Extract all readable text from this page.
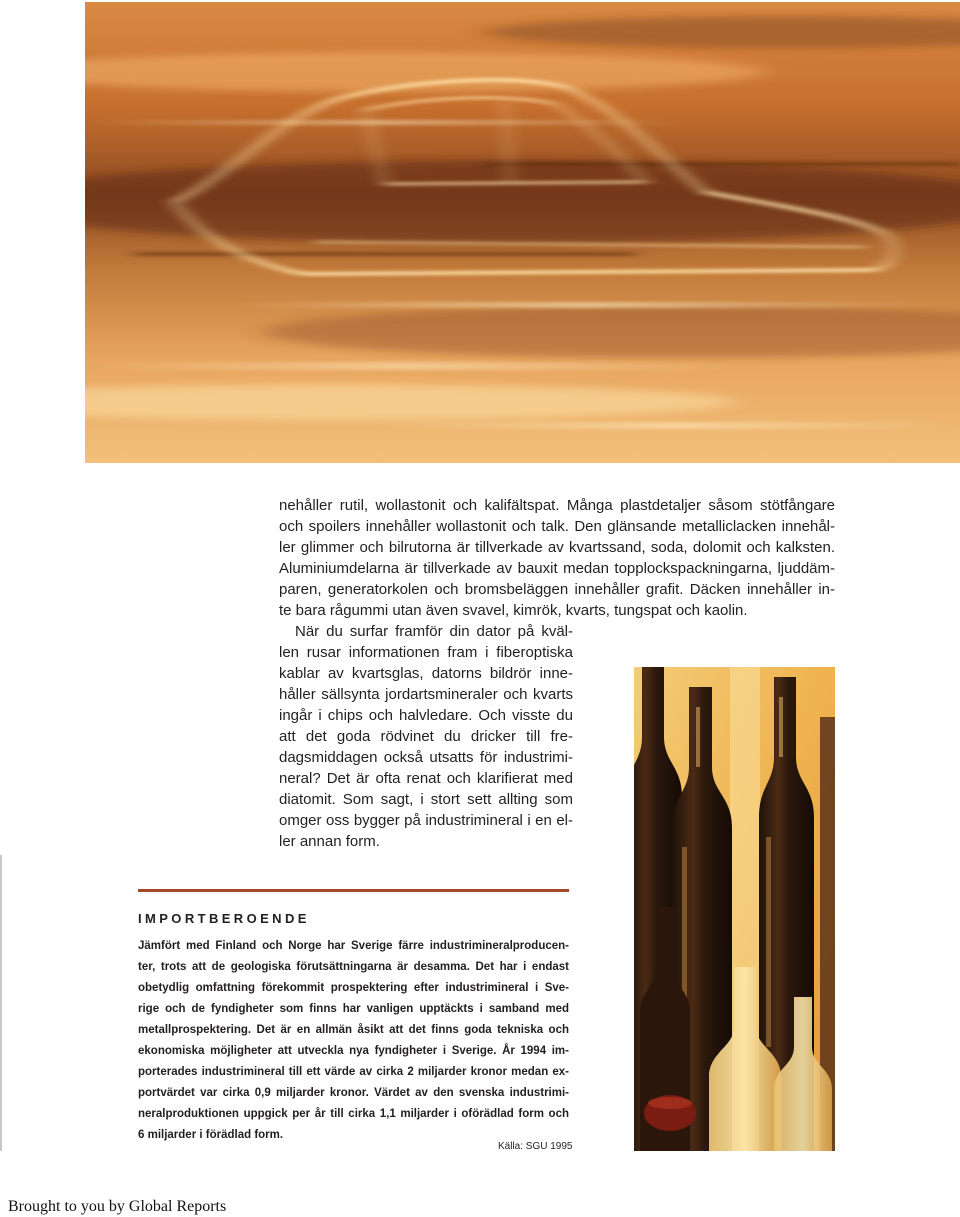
nehåller rutil, wollastonit och kalifältspat. Många plastdetaljer såsom stötfångare
och spoilers innehåller wollastonit och talk. Den glänsande metalliclacken innehål-
ler glimmer och bilrutorna är tillverkade av kvartssand, soda, dolomit och kalksten.
Aluminiumdelarna är tillverkade av bauxit medan topplockspackningarna, ljuddäm-
paren, generatorkolen och bromsbeläggen innehåller grafit. Däcken innehåller in-
te bara rågummi utan även svavel, kimrök, kvarts, tungspat och kaolin.
När du surfar framför din dator på kväl-
len rusar informationen fram i fiberoptiska
kablar av kvartsglas, datorns bildrör inne-
håller sällsynta jordartsmineraler och kvarts
ingår i chips och halvledare. Och visste du
att det goda rödvinet du dricker till fre-
dagsmiddagen också utsatts för industrimi-
neral? Det är ofta renat och klarifierat med
diatomit. Som sagt, i stort sett allting som
omger oss bygger på industrimineral i en el-
ler annan form.
IMPORTBEROENDE
Jämfört med Finland och Norge har Sverige färre industrimineralproducen-
ter, trots att de geologiska förutsättningarna är desamma. Det har i endast
obetydlig omfattning förekommit prospektering efter industrimineral i Sve-
rige och de fyndigheter som finns har vanligen upptäckts i samband med
metallprospektering. Det är en allmän åsikt att det finns goda tekniska och
ekonomiska möjligheter att utveckla nya fyndigheter i Sverige. År 1994 im-
porterades industrimineral till ett värde av cirka 2 miljarder kronor medan ex-
portvärdet var cirka 0,9 miljarder kronor. Värdet av den svenska industrimi-
neralproduktionen uppgick per år till cirka 1,1 miljarder i oförädlad form och
6 miljarder i förädlad form.
Källa: SGU 1995
Brought to you by Global Reports
